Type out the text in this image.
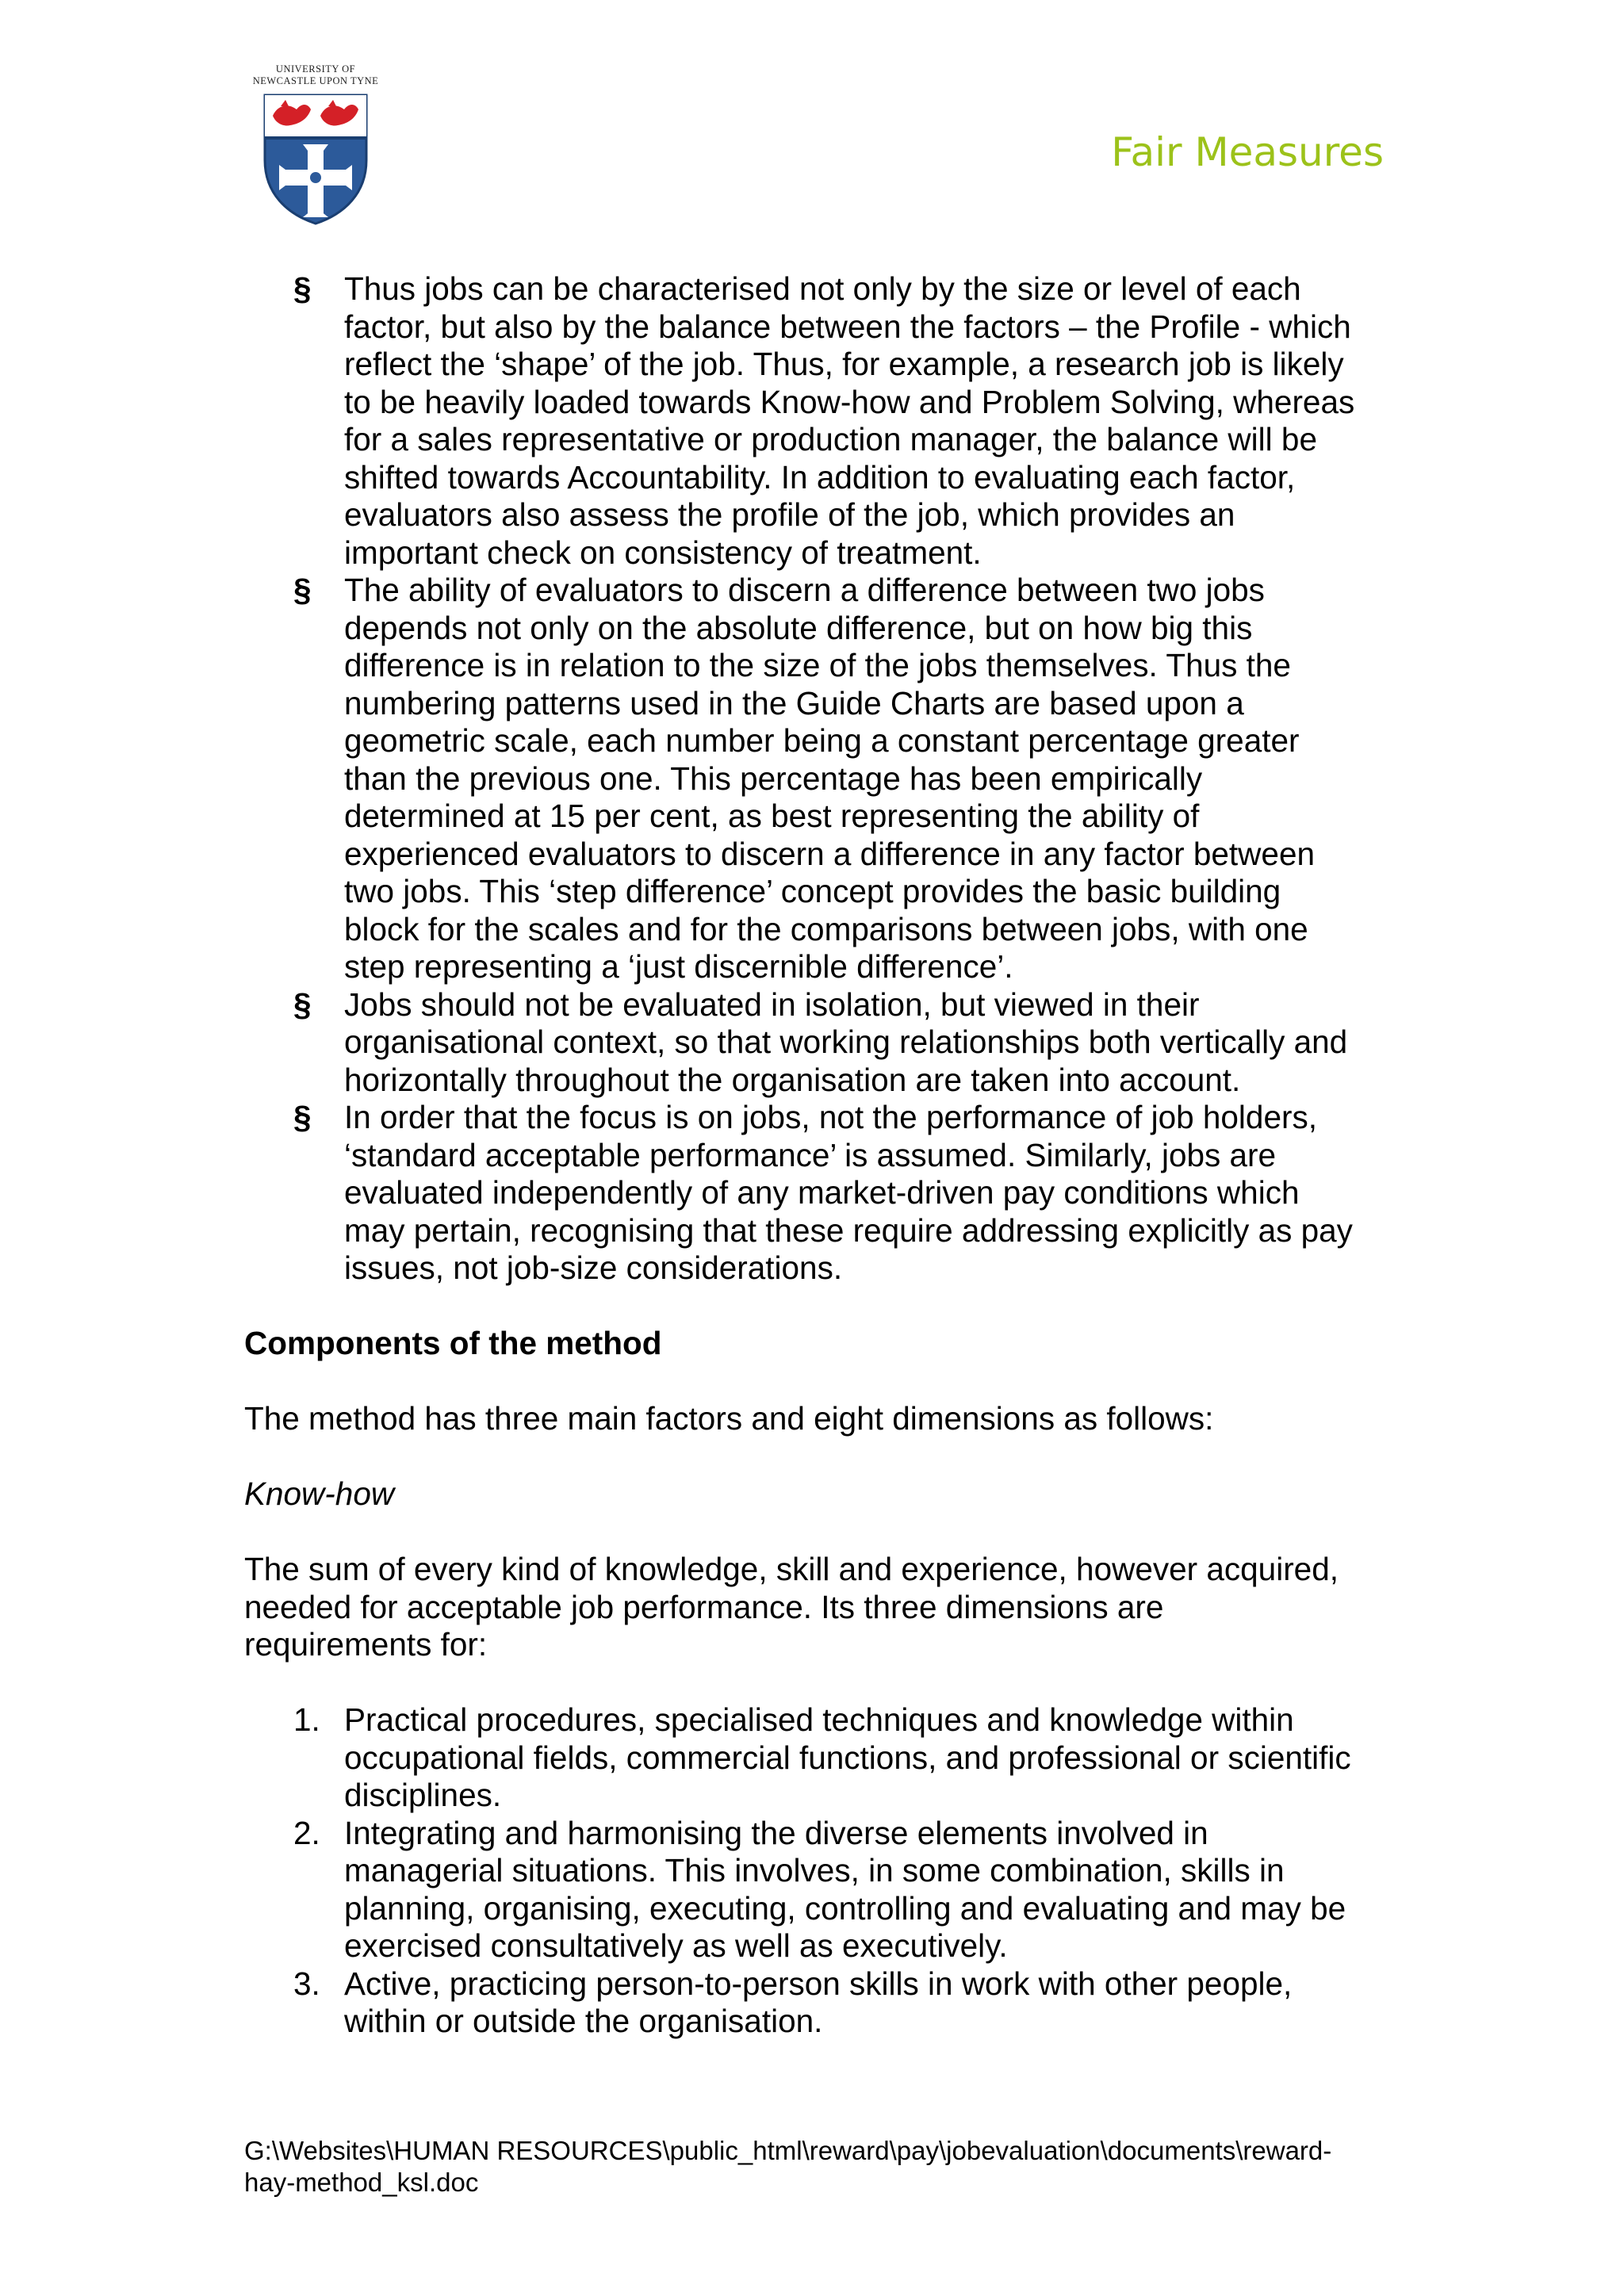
UNIVERSITY OF
NEWCASTLE UPON TYNE
Fair Measures
§ Thus jobs can be characterised not only by the size or level of each
factor, but also by the balance between the factors – the Profile - which
reflect the ‘shape’ of the job. Thus, for example, a research job is likely
to be heavily loaded towards Know-how and Problem Solving, whereas
for a sales representative or production manager, the balance will be
shifted towards Accountability. In addition to evaluating each factor,
evaluators also assess the profile of the job, which provides an
important check on consistency of treatment.
§ The ability of evaluators to discern a difference between two jobs
depends not only on the absolute difference, but on how big this
difference is in relation to the size of the jobs themselves. Thus the
numbering patterns used in the Guide Charts are based upon a
geometric scale, each number being a constant percentage greater
than the previous one. This percentage has been empirically
determined at 15 per cent, as best representing the ability of
experienced evaluators to discern a difference in any factor between
two jobs. This ‘step difference’ concept provides the basic building
block for the scales and for the comparisons between jobs, with one
step representing a ‘just discernible difference’.
§ Jobs should not be evaluated in isolation, but viewed in their
organisational context, so that working relationships both vertically and
horizontally throughout the organisation are taken into account.
§ In order that the focus is on jobs, not the performance of job holders,
‘standard acceptable performance’ is assumed. Similarly, jobs are
evaluated independently of any market-driven pay conditions which
may pertain, recognising that these require addressing explicitly as pay
issues, not job-size considerations.
Components of the method
The method has three main factors and eight dimensions as follows:
Know-how
The sum of every kind of knowledge, skill and experience, however acquired,
needed for acceptable job performance. Its three dimensions are
requirements for:
1. Practical procedures, specialised techniques and knowledge within
occupational fields, commercial functions, and professional or scientific
disciplines.
2. Integrating and harmonising the diverse elements involved in
managerial situations. This involves, in some combination, skills in
planning, organising, executing, controlling and evaluating and may be
exercised consultatively as well as executively.
3. Active, practicing person-to-person skills in work with other people,
within or outside the organisation.
G:\Websites\HUMAN RESOURCES\public_html\reward\pay\jobevaluation\documents\reward-
hay-method_ksl.doc
